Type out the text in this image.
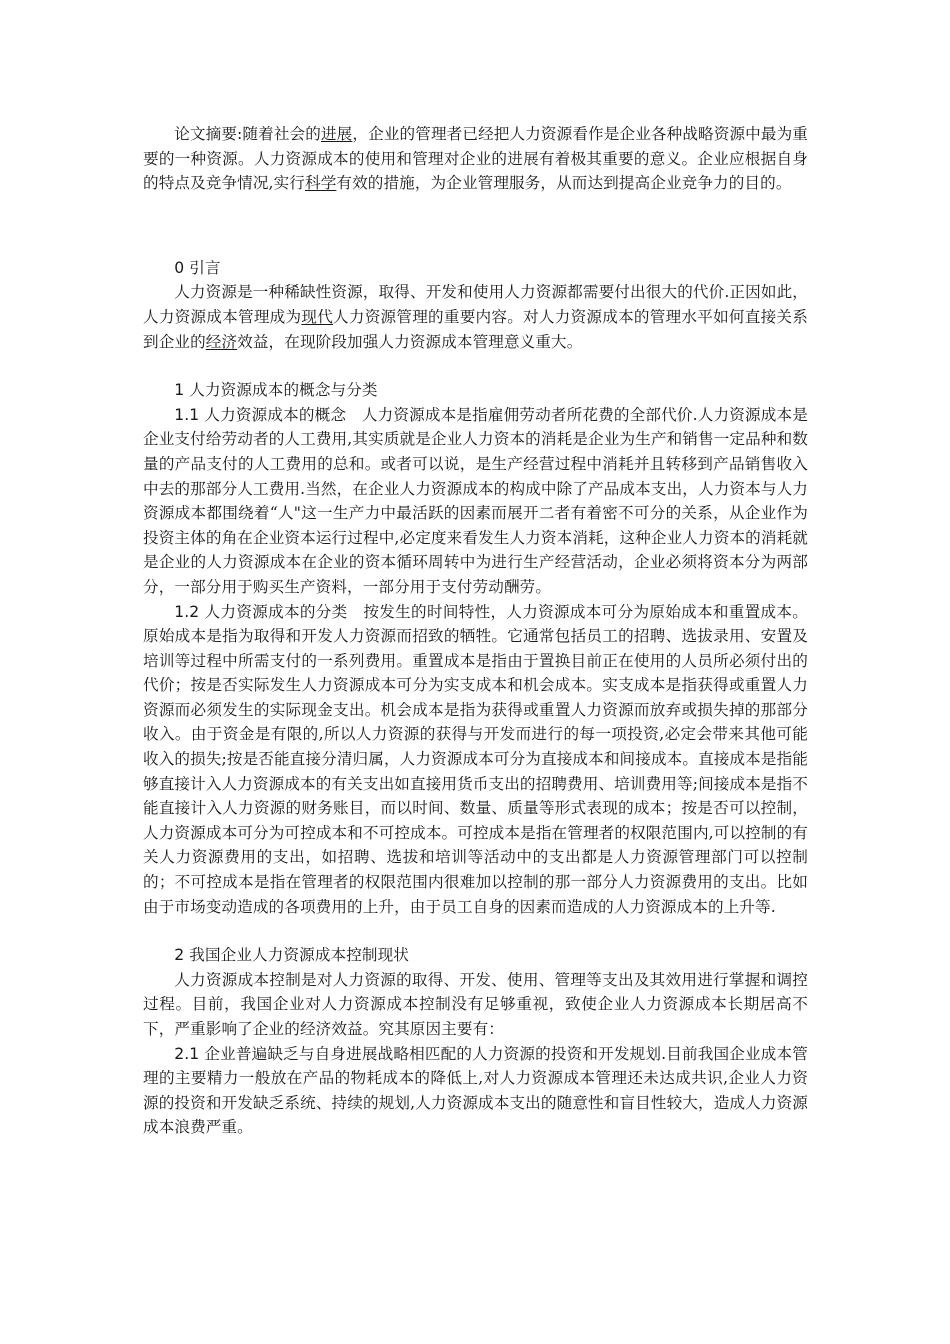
论文摘要:随着社会的进展，企业的管理者已经把人力资源看作是企业各种战略资源中最为重要的一种资源。人力资源成本的使用和管理对企业的进展有着极其重要的意义。企业应根据自身的特点及竞争情况,实行科学有效的措施，为企业管理服务，从而达到提高企业竞争力的目的。

0 引言

人力资源是一种稀缺性资源，取得、开发和使用人力资源都需要付出很大的代价.正因如此，人力资源成本管理成为现代人力资源管理的重要内容。对人力资源成本的管理水平如何直接关系到企业的经济效益，在现阶段加强人力资源成本管理意义重大。

1 人力资源成本的概念与分类

1.1 人力资源成本的概念　人力资源成本是指雇佣劳动者所花费的全部代价.人力资源成本是企业支付给劳动者的人工费用,其实质就是企业人力资本的消耗是企业为生产和销售一定品种和数量的产品支付的人工费用的总和。或者可以说，是生产经营过程中消耗并且转移到产品销售收入中去的那部分人工费用.当然，在企业人力资源成本的构成中除了产品成本支出，人力资本与人力资源成本都围绕着“人"这一生产力中最活跃的因素而展开二者有着密不可分的关系，从企业作为投资主体的角在企业资本运行过程中,必定度来看发生人力资本消耗，这种企业人力资本的消耗就是企业的人力资源成本在企业的资本循环周转中为进行生产经营活动，企业必须将资本分为两部分，一部分用于购买生产资料，一部分用于支付劳动酬劳。

1.2 人力资源成本的分类　按发生的时间特性，人力资源成本可分为原始成本和重置成本。原始成本是指为取得和开发人力资源而招致的牺牲。它通常包括员工的招聘、选拔录用、安置及培训等过程中所需支付的一系列费用。重置成本是指由于置换目前正在使用的人员所必须付出的代价；按是否实际发生人力资源成本可分为实支成本和机会成本。实支成本是指获得或重置人力资源而必须发生的实际现金支出。机会成本是指为获得或重置人力资源而放弃或损失掉的那部分收入。由于资金是有限的,所以人力资源的获得与开发而进行的每一项投资,必定会带来其他可能收入的损失;按是否能直接分清归属，人力资源成本可分为直接成本和间接成本。直接成本是指能够直接计入人力资源成本的有关支出如直接用货币支出的招聘费用、培训费用等;间接成本是指不能直接计入人力资源的财务账目，而以时间、数量、质量等形式表现的成本；按是否可以控制，人力资源成本可分为可控成本和不可控成本。可控成本是指在管理者的权限范围内,可以控制的有关人力资源费用的支出，如招聘、选拔和培训等活动中的支出都是人力资源管理部门可以控制的；不可控成本是指在管理者的权限范围内很难加以控制的那一部分人力资源费用的支出。比如由于市场变动造成的各项费用的上升，由于员工自身的因素而造成的人力资源成本的上升等.

2 我国企业人力资源成本控制现状

人力资源成本控制是对人力资源的取得、开发、使用、管理等支出及其效用进行掌握和调控过程。目前，我国企业对人力资源成本控制没有足够重视，致使企业人力资源成本长期居高不下，严重影响了企业的经济效益。究其原因主要有：

2.1 企业普遍缺乏与自身进展战略相匹配的人力资源的投资和开发规划.目前我国企业成本管理的主要精力一般放在产品的物耗成本的降低上,对人力资源成本管理还未达成共识,企业人力资源的投资和开发缺乏系统、持续的规划,人力资源成本支出的随意性和盲目性较大，造成人力资源成本浪费严重。
